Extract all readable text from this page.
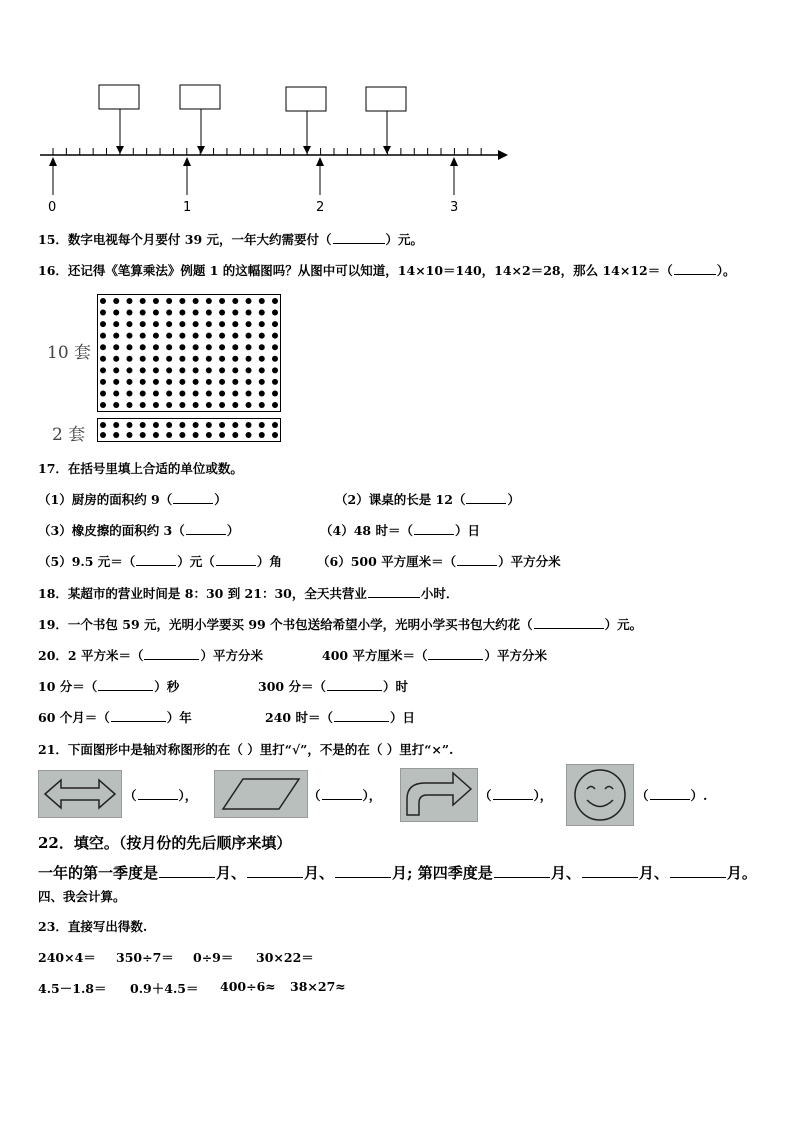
0	1	2	3
15．数字电视每个月要付 39 元，一年大约需要付（	）元。
16．还记得《笔算乘法》例题 1 的这幅图吗？从图中可以知道，14×10＝140，14×2＝28，那么 14×12＝（	）。
10 套
2 套
17．在括号里填上合适的单位或数。
（1）厨房的面积约 9（	）	（2）课桌的长是 12（	）
（3）橡皮擦的面积约 3（	）	（4）48 时＝（	）日
（5）9.5 元＝（	）元（	）角	（6）500 平方厘米＝（	）平方分米
18．某超市的营业时间是 8：30 到 21：30，全天共营业	小时．
19．一个书包 59 元，光明小学要买 99 个书包送给希望小学，光明小学买书包大约花（	）元。
20．2 平方米＝（	）平方分米	400 平方厘米＝（	）平方分米
10 分＝（	）秒	300 分＝（	）时
60 个月＝（	）年	240 时＝（	）日
21．下面图形中是轴对称图形的在（ ）里打“√”，不是的在（ ）里打“×”.
（	），	（	），	（	），	（	）.
22．填空。（按月份的先后顺序来填）
一年的第一季度是	月、	月、	月; 第四季度是	月、	月、	月。
四、我会计算。
23．直接写出得数.
240×4＝ 350÷7＝ 0÷9＝ 30×22＝
4.5－1.8＝ 0.9＋4.5＝ 400÷6≈ 38×27≈
